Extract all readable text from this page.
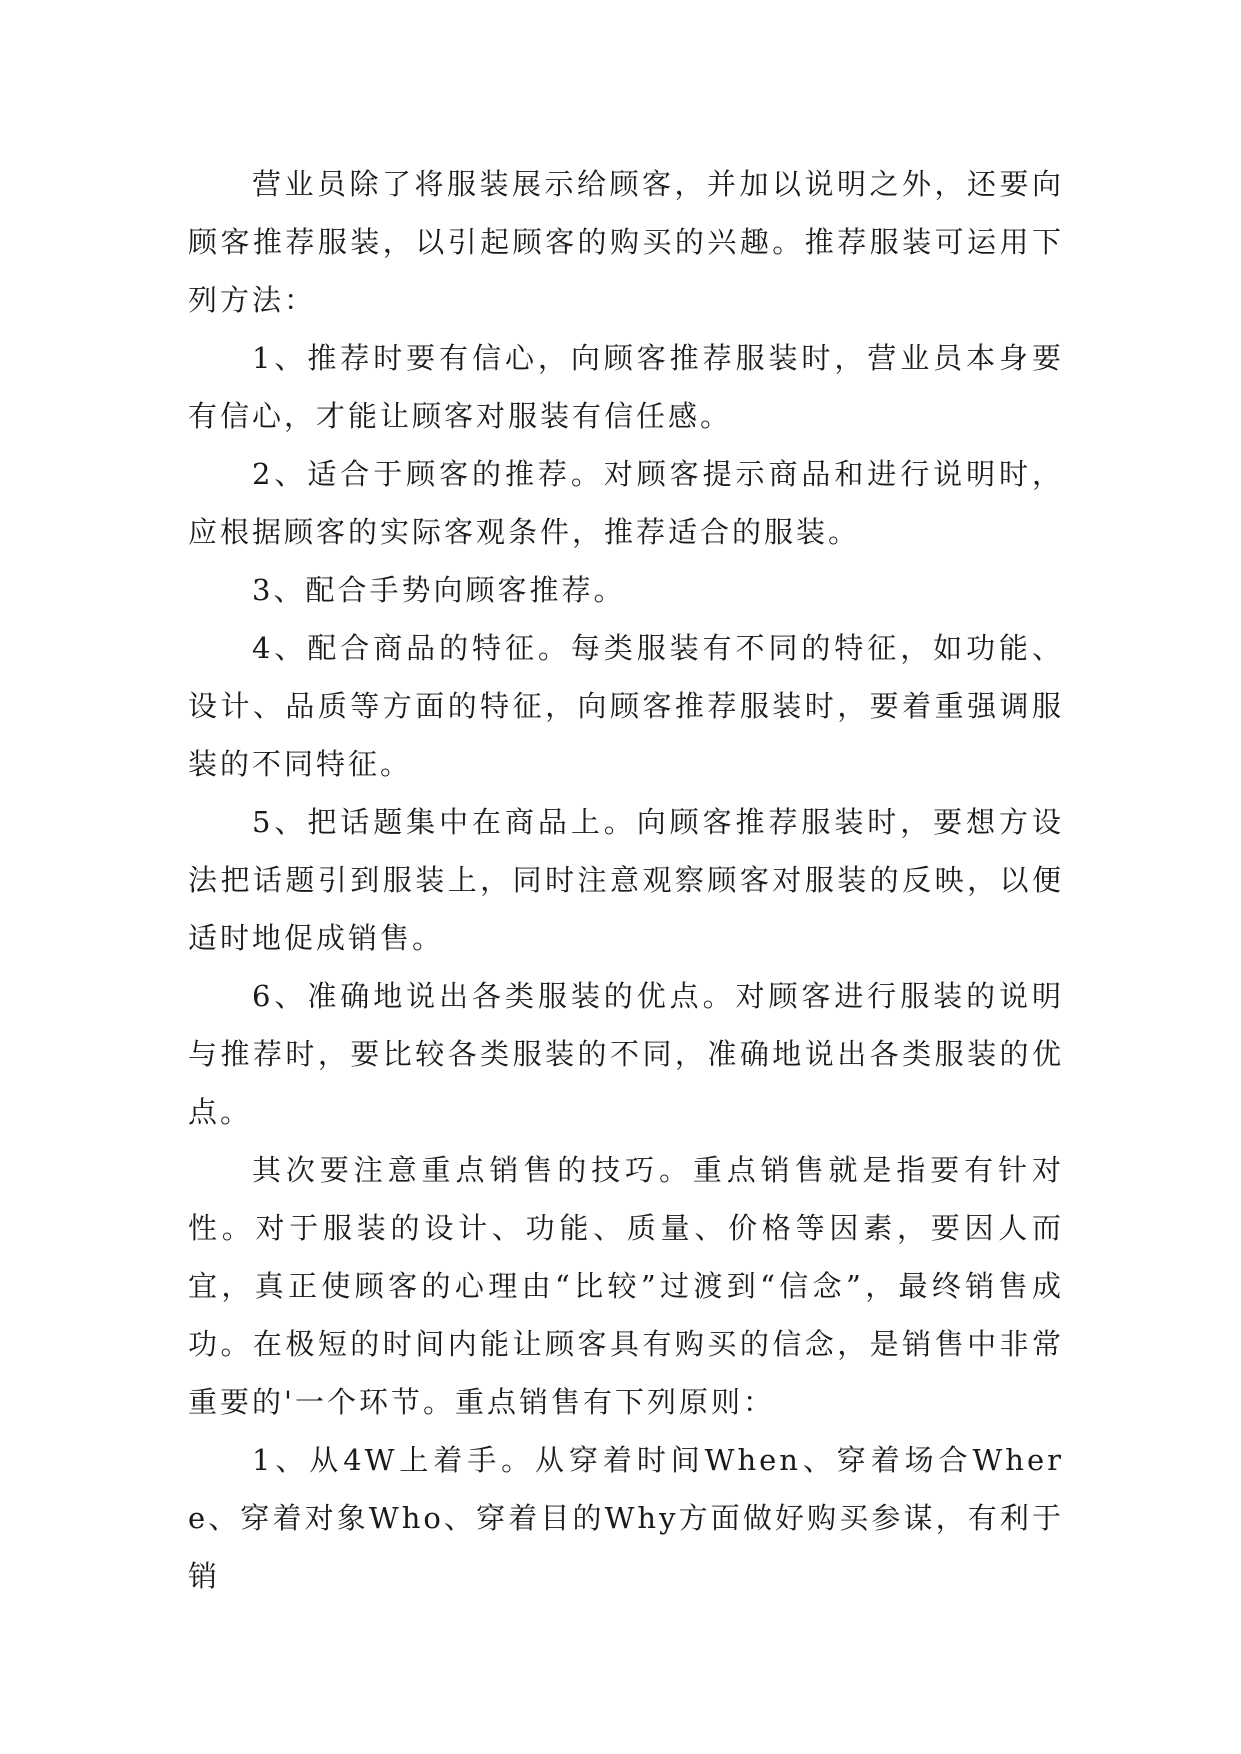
营业员除了将服装展示给顾客，并加以说明之外，还要向顾客推荐服装，以引起顾客的购买的兴趣。推荐服装可运用下列方法：

1、推荐时要有信心，向顾客推荐服装时，营业员本身要有信心，才能让顾客对服装有信任感。

2、适合于顾客的推荐。对顾客提示商品和进行说明时，应根据顾客的实际客观条件，推荐适合的服装。

3、配合手势向顾客推荐。

4、配合商品的特征。每类服装有不同的特征，如功能、设计、品质等方面的特征，向顾客推荐服装时，要着重强调服装的不同特征。

5、把话题集中在商品上。向顾客推荐服装时，要想方设法把话题引到服装上，同时注意观察顾客对服装的反映，以便适时地促成销售。

6、准确地说出各类服装的优点。对顾客进行服装的说明与推荐时，要比较各类服装的不同，准确地说出各类服装的优点。

其次要注意重点销售的技巧。重点销售就是指要有针对性。对于服装的设计、功能、质量、价格等因素，要因人而宜，真正使顾客的心理由“比较”过渡到“信念”，最终销售成功。在极短的时间内能让顾客具有购买的信念，是销售中非常重要的'一个环节。重点销售有下列原则：

1、从4W上着手。从穿着时间When、穿着场合Where、穿着对象Who、穿着目的Why方面做好购买参谋，有利于销
